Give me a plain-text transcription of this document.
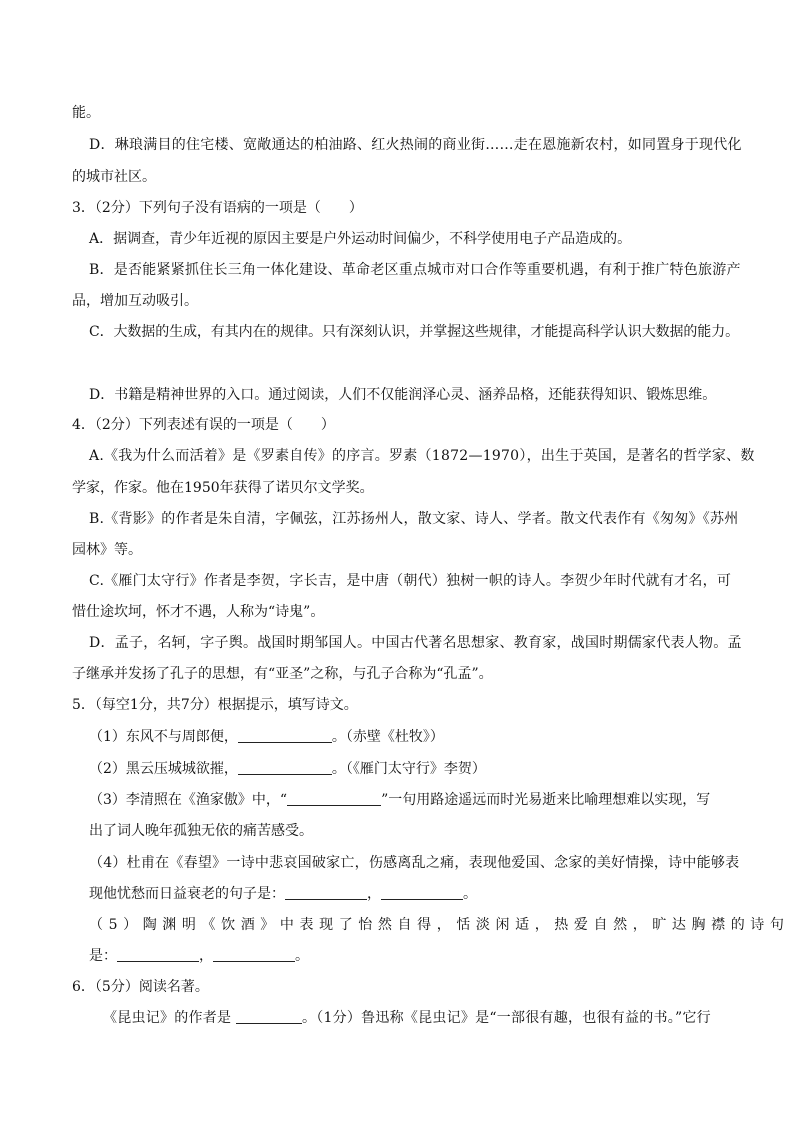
能。
D．琳琅满目的住宅楼、宽敞通达的柏油路、红火热闹的商业街……走在恩施新农村，如同置身于现代化
的城市社区。
3．（2分）下列句子没有语病的一项是（　　）
A．据调查，青少年近视的原因主要是户外运动时间偏少，不科学使用电子产品造成的。
B．是否能紧紧抓住长三角一体化建设、革命老区重点城市对口合作等重要机遇，有利于推广特色旅游产
品，增加互动吸引。
C．大数据的生成，有其内在的规律。只有深刻认识，并掌握这些规律，才能提高科学认识大数据的能力。
D．书籍是精神世界的入口。通过阅读，人们不仅能润泽心灵、涵养品格，还能获得知识、锻炼思维。
4．（2分）下列表述有误的一项是（　　）
A.《我为什么而活着》是《罗素自传》的序言。罗素（1872—1970），出生于英国，是著名的哲学家、数
学家，作家。他在1950年获得了诺贝尔文学奖。
B.《背影》的作者是朱自清，字佩弦，江苏扬州人，散文家、诗人、学者。散文代表作有《匆匆》《苏州
园林》等。
C.《雁门太守行》作者是李贺，字长吉，是中唐（朝代）独树一帜的诗人。李贺少年时代就有才名，可
惜仕途坎坷，怀才不遇，人称为“诗鬼”。
D．孟子，名轲，字子舆。战国时期邹国人。中国古代著名思想家、教育家，战国时期儒家代表人物。孟
子继承并发扬了孔子的思想，有“亚圣”之称，与孔子合称为“孔孟”。
5．（每空1分，共7分）根据提示，填写诗文。
（1）东风不与周郎便，	。（赤壁《杜牧》）
（2）黑云压城城欲摧，	。（《雁门太守行》李贺）
（3）李清照在《渔家傲》中，“	”一句用路途遥远而时光易逝来比喻理想难以实现，写
出了词人晚年孤独无依的痛苦感受。
（4）杜甫在《春望》一诗中悲哀国破家亡，伤感离乱之痛，表现他爱国、念家的美好情操，诗中能够表
现他忧愁而日益衰老的句子是：	，	。
（5）陶渊明《饮酒》中表现了怡然自得，恬淡闲适，热爱自然，旷达胸襟的诗句
是：	，	。
6．（5分）阅读名著。
《昆虫记》的作者是	。（1分）鲁迅称《昆虫记》是“一部很有趣，也很有益的书。”它行
